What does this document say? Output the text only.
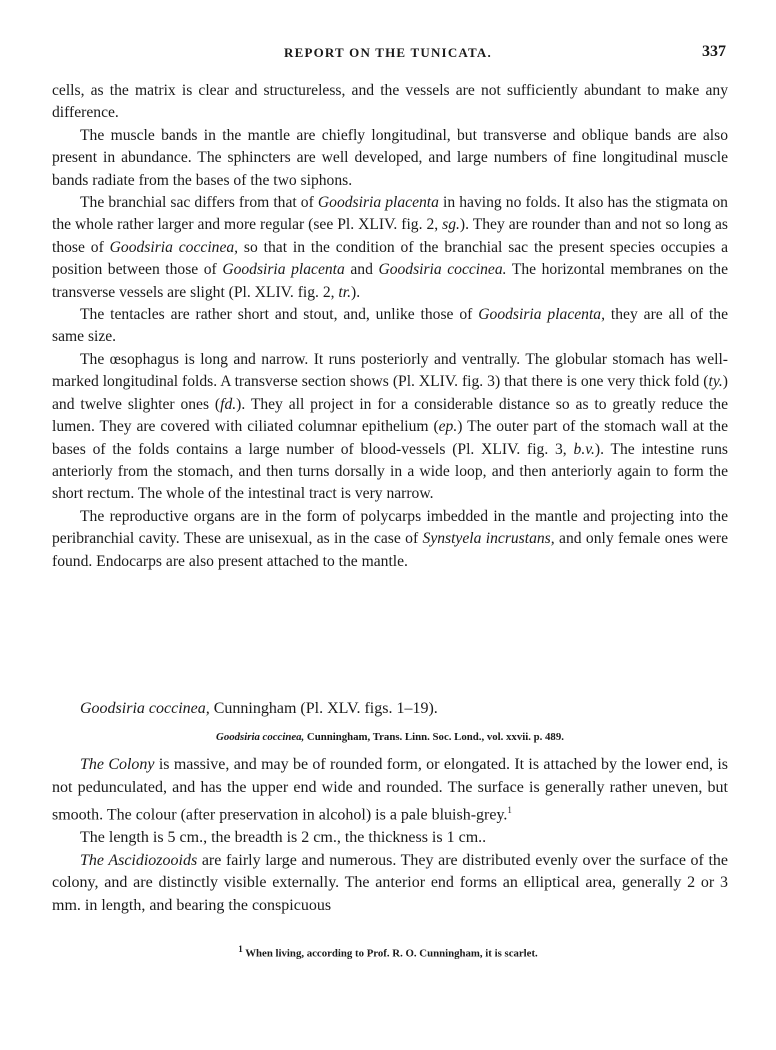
REPORT ON THE TUNICATA.	337

cells, as the matrix is clear and structureless, and the vessels are not sufficiently abundant to make any difference.

The muscle bands in the mantle are chiefly longitudinal, but transverse and oblique bands are also present in abundance. The sphincters are well developed, and large numbers of fine longitudinal muscle bands radiate from the bases of the two siphons.

The branchial sac differs from that of Goodsiria placenta in having no folds. It also has the stigmata on the whole rather larger and more regular (see Pl. XLIV. fig. 2, sg.). They are rounder than and not so long as those of Goodsiria coccinea, so that in the condition of the branchial sac the present species occupies a position between those of Goodsiria placenta and Goodsiria coccinea. The horizontal membranes on the transverse vessels are slight (Pl. XLIV. fig. 2, tr.).

The tentacles are rather short and stout, and, unlike those of Goodsiria placenta, they are all of the same size.

The œsophagus is long and narrow. It runs posteriorly and ventrally. The globular stomach has well-marked longitudinal folds. A transverse section shows (Pl. XLIV. fig. 3) that there is one very thick fold (ty.) and twelve slighter ones (fd.). They all project in for a considerable distance so as to greatly reduce the lumen. They are covered with ciliated columnar epithelium (ep.) The outer part of the stomach wall at the bases of the folds contains a large number of blood-vessels (Pl. XLIV. fig. 3, b.v.). The intestine runs anteriorly from the stomach, and then turns dorsally in a wide loop, and then anteriorly again to form the short rectum. The whole of the intestinal tract is very narrow.

The reproductive organs are in the form of polycarps imbedded in the mantle and projecting into the peribranchial cavity. These are unisexual, as in the case of Synstyela incrustans, and only female ones were found. Endocarps are also present attached to the mantle.

Goodsiria coccinea, Cunningham (Pl. XLV. figs. 1–19).
Goodsiria coccinea, Cunningham, Trans. Linn. Soc. Lond., vol. xxvii. p. 489.

The Colony is massive, and may be of rounded form, or elongated. It is attached by the lower end, is not pedunculated, and has the upper end wide and rounded. The surface is generally rather uneven, but smooth. The colour (after preservation in alcohol) is a pale bluish-grey.$^1$

The length is 5 cm., the breadth is 2 cm., the thickness is 1 cm..

The Ascidiozooids are fairly large and numerous. They are distributed evenly over the surface of the colony, and are distinctly visible externally. The anterior end forms an elliptical area, generally 2 or 3 mm. in length, and bearing the conspicuous

$^1$ When living, according to Prof. R. O. Cunningham, it is scarlet.
